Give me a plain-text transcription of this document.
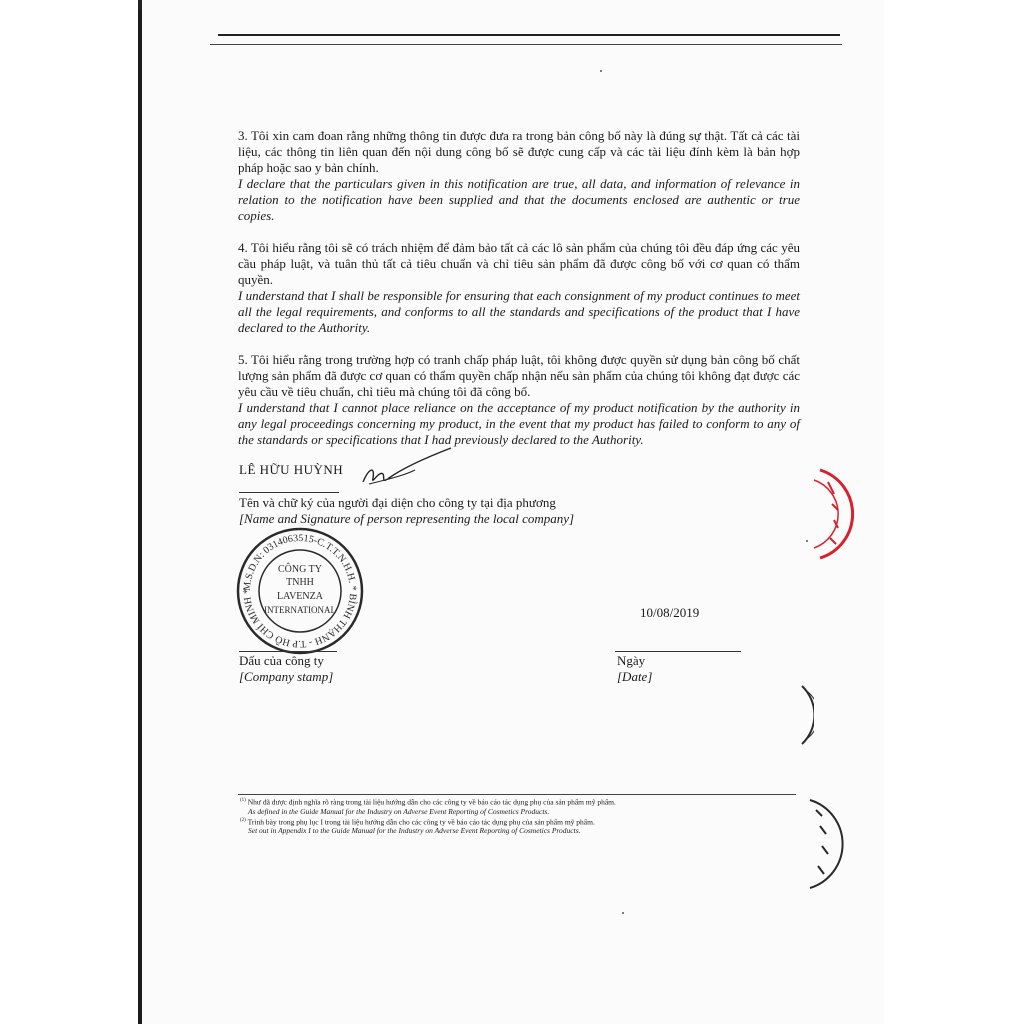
3. Tôi xin cam đoan rằng những thông tin được đưa ra trong bản công bố này là đúng sự thật. Tất cả các tài liệu, các thông tin liên quan đến nội dung công bố sẽ được cung cấp và các tài liệu đính kèm là bản hợp pháp hoặc sao y bản chính.

I declare that the particulars given in this notification are true, all data, and information of relevance in relation to the notification have been supplied and that the documents enclosed are authentic or true copies.

4. Tôi hiểu rằng tôi sẽ có trách nhiệm để đảm bảo tất cả các lô sản phẩm của chúng tôi đều đáp ứng các yêu cầu pháp luật, và tuân thủ tất cả tiêu chuẩn và chỉ tiêu sản phẩm đã được công bố với cơ quan có thẩm quyền.

I understand that I shall be responsible for ensuring that each consignment of my product continues to meet all the legal requirements, and conforms to all the standards and specifications of the product that I have declared to the Authority.

5. Tôi hiểu rằng trong trường hợp có tranh chấp pháp luật, tôi không được quyền sử dụng bản công bố chất lượng sản phẩm đã được cơ quan có thẩm quyền chấp nhận nếu sản phẩm của chúng tôi không đạt được các yêu cầu về tiêu chuẩn, chỉ tiêu mà chúng tôi đã công bố.

I understand that I cannot place reliance on the acceptance of my product notification by the authority in any legal proceedings concerning my product, in the event that my product has failed to conform to any of the standards or specifications that I had previously declared to the Authority.

LÊ HỮU HUỲNH
Tên và chữ ký của người đại diện cho công ty tại địa phương
[Name and Signature of person representing the local company]
M.S.D.N: 0314063515-C.T.T.N.H.H. * BÌNH THẠNH - T.P HỒ CHÍ MINH *
CÔNG TY
TNHH
LAVENZA
INTERNATIONAL
Dấu của công ty
[Company stamp]
10/08/2019
Ngày
[Date]

$^{(1)}$ Như đã được định nghĩa rõ ràng trong tài liệu hướng dẫn cho các công ty về báo cáo tác dụng phụ của sản phẩm mỹ phẩm.

As defined in the Guide Manual for the Industry on Adverse Event Reporting of Cosmetics Products.

$^{(2)}$ Trình bày trong phụ lục I trong tài liệu hướng dẫn cho các công ty về báo cáo tác dụng phụ của sản phẩm mỹ phẩm.

Set out in Appendix I to the Guide Manual for the Industry on Adverse Event Reporting of Cosmetics Products.
